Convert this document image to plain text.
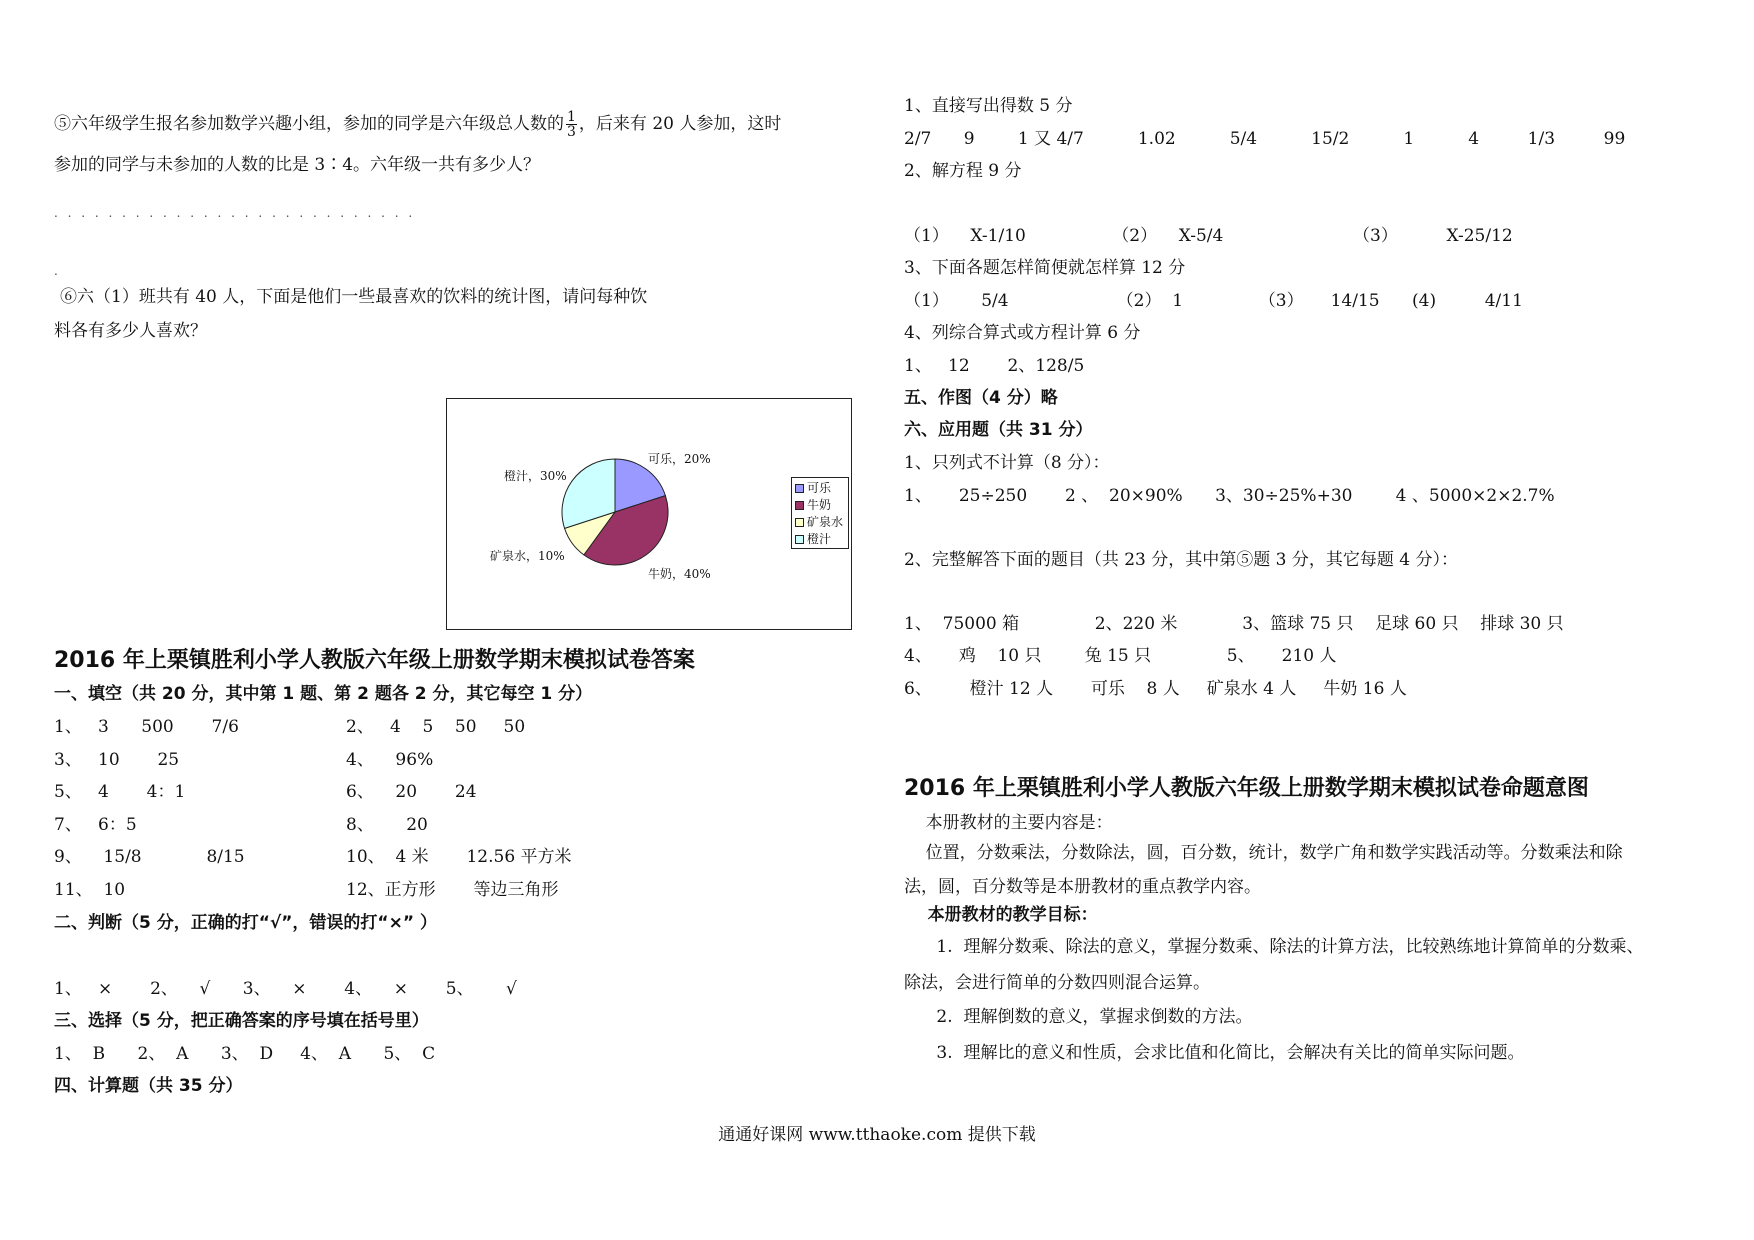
⑤六年级学生报名参加数学兴趣小组，参加的同学是六年级总人数的 $\frac{1}{3}$ ，后来有 20 人参加，这时
参加的同学与未参加的人数的比是 3∶4。六年级一共有多少人？
. . . . . . . . . . . . . . . . . . . . . . . . . . .
.
⑥六（1）班共有 40 人，下面是他们一些最喜欢的饮料的统计图，请问每种饮
料各有多少人喜欢？
可乐
牛奶
矿泉水
橙汁
可乐，20%
牛奶，40%
矿泉水，10%
橙汁，30%
2016 年上栗镇胜利小学人教版六年级上册数学期末模拟试卷答案
一、填空（共 20 分，其中第 1 题、第 2 题各 2 分，其它每空 1 分）
1、   3      500       7/6	2、   4    5    50     50
3、   10       25	4、    96%
5、   4       4：1	6、    20       24
7、   6：5	8、      20
9、    15/8            8/15	10、  4 米       12.56 平方米
11、  10	12、正方形       等边三角形
二、判断（5 分，正确的打“√”，错误的打“×” ）
1、   ×       2、    √      3、    ×       4、    ×       5、      √
三、选择（5 分，把正确答案的序号填在括号里）
1、  B      2、  A      3、  D     4、  A      5、  C
四、计算题（共 35 分）
1、直接写出得数 5 分
2/7      9        1 又 4/7          1.02          5/4          15/2          1          4         1/3         99
2、解方程 9 分
（1）    X-1/10                （2）    X-5/4                        （3）         X-25/12
3、下面各题怎样简便就怎样算 12 分
（1）      5/4                    （2）  1              （3）     14/15      (4)         4/11
4、列综合算式或方程计算 6 分
1、   12       2、128/5
五、作图（4 分）略
六、应用题（共 31 分）
1、只列式不计算（8 分）：
1、     25÷250       2 、  20×90%      3、30÷25%+30        4 、5000×2×2.7%
2、完整解答下面的题目（共 23 分，其中第⑤题 3 分，其它每题 4 分）：
1、  75000 箱              2、220 米            3、篮球 75 只    足球 60 只    排球 30 只
4、     鸡    10 只        兔 15 只              5、     210 人
6、       橙汁 12 人       可乐    8 人     矿泉水 4 人     牛奶 16 人
2016 年上栗镇胜利小学人教版六年级上册数学期末模拟试卷命题意图
本册教材的主要内容是：
位置，分数乘法，分数除法，圆，百分数，统计，数学广角和数学实践活动等。分数乘法和除
法，圆，百分数等是本册教材的重点教学内容。
本册教材的教学目标：
1.  理解分数乘、除法的意义，掌握分数乘、除法的计算方法，比较熟练地计算简单的分数乘、
除法，会进行简单的分数四则混合运算。
2.  理解倒数的意义，掌握求倒数的方法。
3.  理解比的意义和性质，会求比值和化简比，会解决有关比的简单实际问题。
通通好课网 www.tthaoke.com 提供下载
